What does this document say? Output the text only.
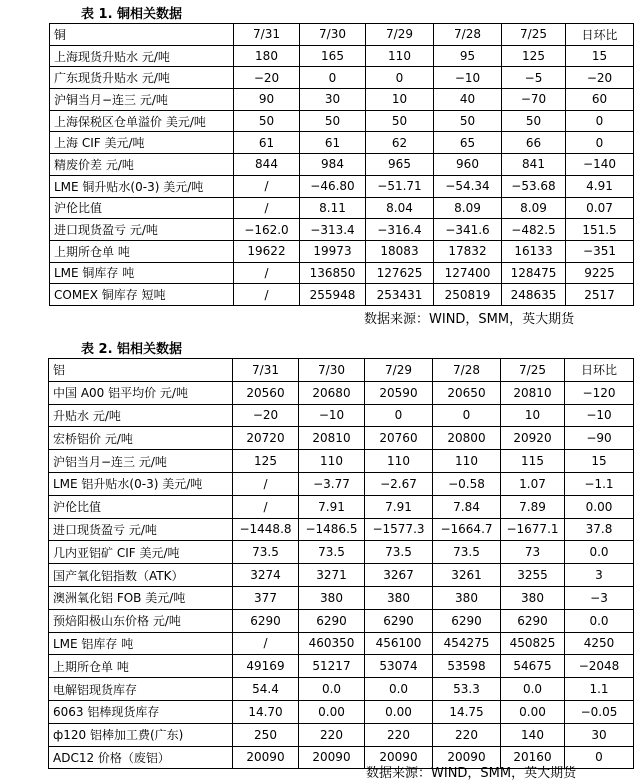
表 1. 铜相关数据
铜	7/31	7/30	7/29	7/28	7/25	日环比
上海现货升贴水 元/吨	180	165	110	95	125	15
广东现货升贴水 元/吨	−20	0	0	−10	−5	−20
沪铜当月−连三 元/吨	90	30	10	40	−70	60
上海保税区仓单溢价 美元/吨	50	50	50	50	50	0
上海 CIF 美元/吨	61	61	62	65	66	0
精废价差 元/吨	844	984	965	960	841	−140
LME 铜升贴水(0-3) 美元/吨	/	−46.80	−51.71	−54.34	−53.68	4.91
沪伦比值	/	8.11	8.04	8.09	8.09	0.07
进口现货盈亏 元/吨	−162.0	−313.4	−316.4	−341.6	−482.5	151.5
上期所仓单 吨	19622	19973	18083	17832	16133	−351
LME 铜库存 吨	/	136850	127625	127400	128475	9225
COMEX 铜库存 短吨	/	255948	253431	250819	248635	2517
数据来源：WIND，SMM，英大期货
表 2. 铝相关数据
铝	7/31	7/30	7/29	7/28	7/25	日环比
中国 A00 铝平均价 元/吨	20560	20680	20590	20650	20810	−120
升贴水 元/吨	−20	−10	0	0	10	−10
宏桥铝价 元/吨	20720	20810	20760	20800	20920	−90
沪铝当月−连三 元/吨	125	110	110	110	115	15
LME 铝升贴水(0-3) 美元/吨	/	−3.77	−2.67	−0.58	1.07	−1.1
沪伦比值	/	7.91	7.91	7.84	7.89	0.00
进口现货盈亏 元/吨	−1448.8	−1486.5	−1577.3	−1664.7	−1677.1	37.8
几内亚铝矿 CIF 美元/吨	73.5	73.5	73.5	73.5	73	0.0
国产氧化铝指数（ATK）	3274	3271	3267	3261	3255	3
澳洲氧化铝 FOB 美元/吨	377	380	380	380	380	−3
预焙阳极山东价格 元/吨	6290	6290	6290	6290	6290	0.0
LME 铝库存 吨	/	460350	456100	454275	450825	4250
上期所仓单 吨	49169	51217	53074	53598	54675	−2048
电解铝现货库存	54.4	0.0	0.0	53.3	0.0	1.1
6063 铝棒现货库存	14.70	0.00	0.00	14.75	0.00	−0.05
ф120 铝棒加工费(广东)	250	220	220	220	140	30
ADC12 价格（废铝）	20090	20090	20090	20090	20160	0
数据来源：WIND，SMM，英大期货
